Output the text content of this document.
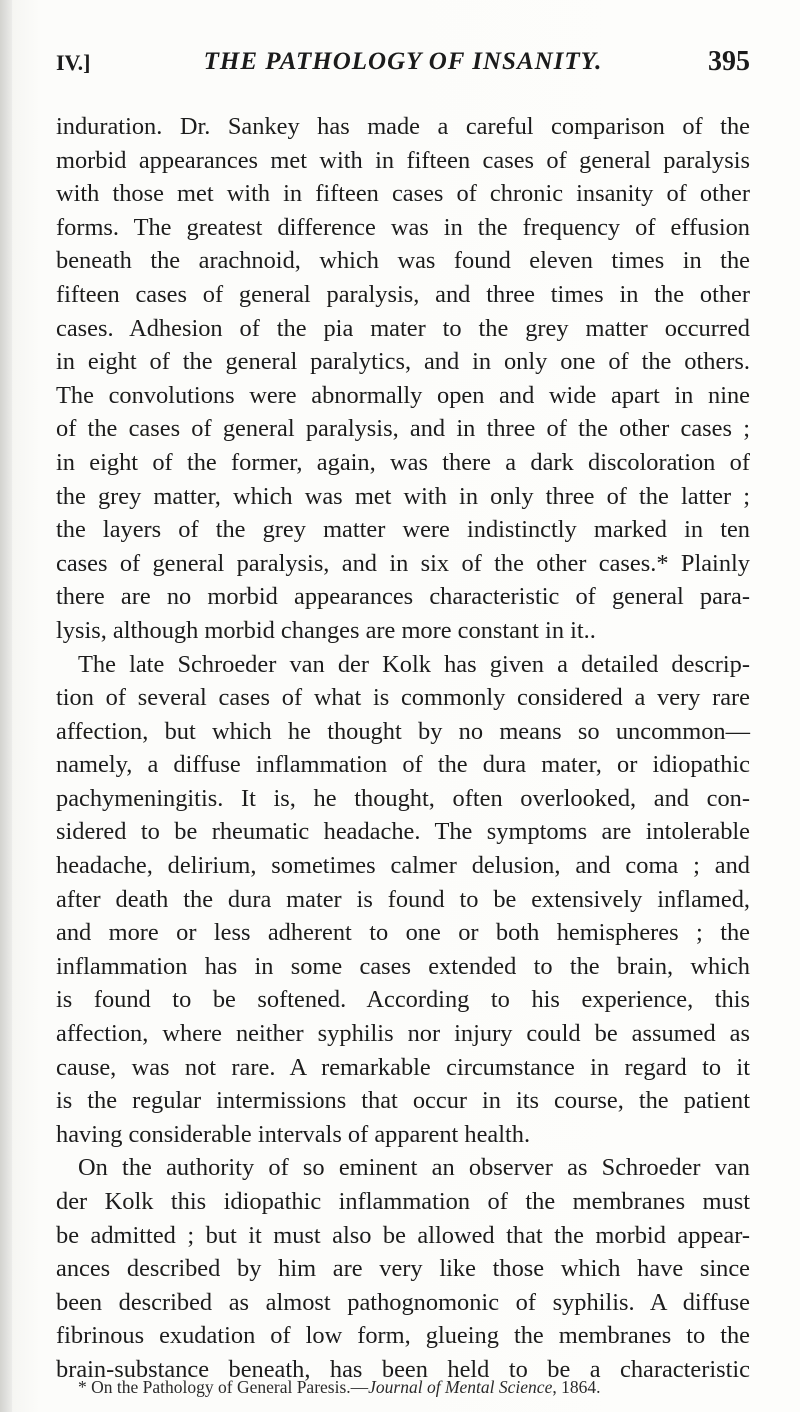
IV.]	THE PATHOLOGY OF INSANITY.	395
induration. Dr. Sankey has made a careful comparison of the
morbid appearances met with in fifteen cases of general paralysis
with those met with in fifteen cases of chronic insanity of other
forms. The greatest difference was in the frequency of effusion
beneath the arachnoid, which was found eleven times in the
fifteen cases of general paralysis, and three times in the other
cases. Adhesion of the pia mater to the grey matter occurred
in eight of the general paralytics, and in only one of the others.
The convolutions were abnormally open and wide apart in nine
of the cases of general paralysis, and in three of the other cases ;
in eight of the former, again, was there a dark discoloration of
the grey matter, which was met with in only three of the latter ;
the layers of the grey matter were indistinctly marked in ten
cases of general paralysis, and in six of the other cases.* Plainly
there are no morbid appearances characteristic of general para-
lysis, although morbid changes are more constant in it..
The late Schroeder van der Kolk has given a detailed descrip-
tion of several cases of what is commonly considered a very rare
affection, but which he thought by no means so uncommon—
namely, a diffuse inflammation of the dura mater, or idiopathic
pachymeningitis. It is, he thought, often overlooked, and con-
sidered to be rheumatic headache. The symptoms are intolerable
headache, delirium, sometimes calmer delusion, and coma ; and
after death the dura mater is found to be extensively inflamed,
and more or less adherent to one or both hemispheres ; the
inflammation has in some cases extended to the brain, which
is found to be softened. According to his experience, this
affection, where neither syphilis nor injury could be assumed as
cause, was not rare. A remarkable circumstance in regard to it
is the regular intermissions that occur in its course, the patient
having considerable intervals of apparent health.
On the authority of so eminent an observer as Schroeder van
der Kolk this idiopathic inflammation of the membranes must
be admitted ; but it must also be allowed that the morbid appear-
ances described by him are very like those which have since
been described as almost pathognomonic of syphilis. A diffuse
fibrinous exudation of low form, glueing the membranes to the
brain-substance beneath, has been held to be a characteristic
* On the Pathology of General Paresis.—Journal of Mental Science, 1864.
